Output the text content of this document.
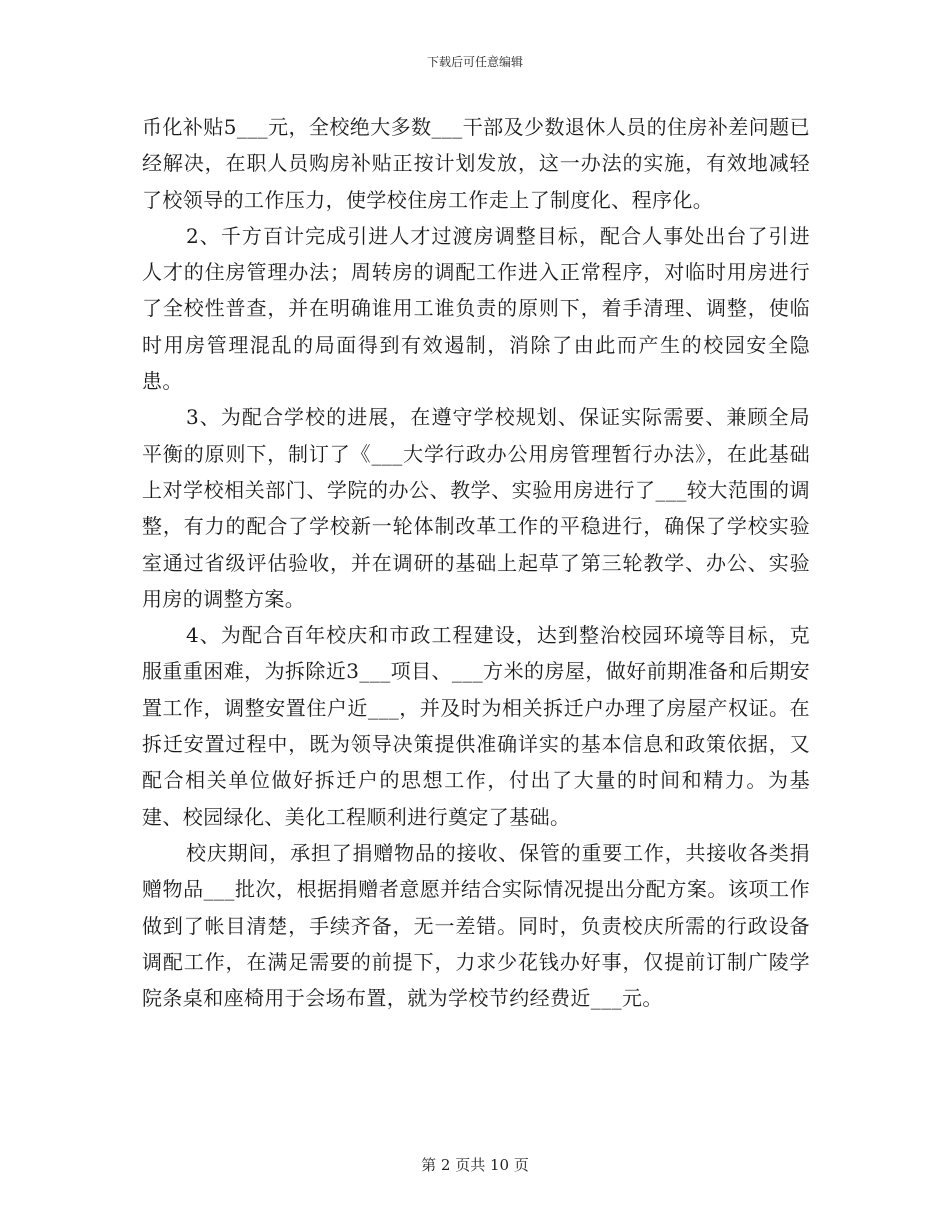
下载后可任意编辑

币化补贴5___元，全校绝大多数___干部及少数退休人员的住房补差问题已经解决，在职人员购房补贴正按计划发放，这一办法的实施，有效地减轻了校领导的工作压力，使学校住房工作走上了制度化、程序化。

2、千方百计完成引进人才过渡房调整目标，配合人事处出台了引进人才的住房管理办法；周转房的调配工作进入正常程序，对临时用房进行了全校性普查，并在明确谁用工谁负责的原则下，着手清理、调整，使临时用房管理混乱的局面得到有效遏制，消除了由此而产生的校园安全隐患。

3、为配合学校的进展，在遵守学校规划、保证实际需要、兼顾全局平衡的原则下，制订了《___大学行政办公用房管理暂行办法》，在此基础上对学校相关部门、学院的办公、教学、实验用房进行了___较大范围的调整，有力的配合了学校新一轮体制改革工作的平稳进行，确保了学校实验室通过省级评估验收，并在调研的基础上起草了第三轮教学、办公、实验用房的调整方案。

4、为配合百年校庆和市政工程建设，达到整治校园环境等目标，克服重重困难，为拆除近3___项目、___方米的房屋，做好前期准备和后期安置工作，调整安置住户近___，并及时为相关拆迁户办理了房屋产权证。在拆迁安置过程中，既为领导决策提供准确详实的基本信息和政策依据，又配合相关单位做好拆迁户的思想工作，付出了大量的时间和精力。为基建、校园绿化、美化工程顺利进行奠定了基础。

校庆期间，承担了捐赠物品的接收、保管的重要工作，共接收各类捐赠物品___批次，根据捐赠者意愿并结合实际情况提出分配方案。该项工作做到了帐目清楚，手续齐备，无一差错。同时，负责校庆所需的行政设备调配工作，在满足需要的前提下，力求少花钱办好事，仅提前订制广陵学院条桌和座椅用于会场布置，就为学校节约经费近___元。

第 2 页共 10 页
